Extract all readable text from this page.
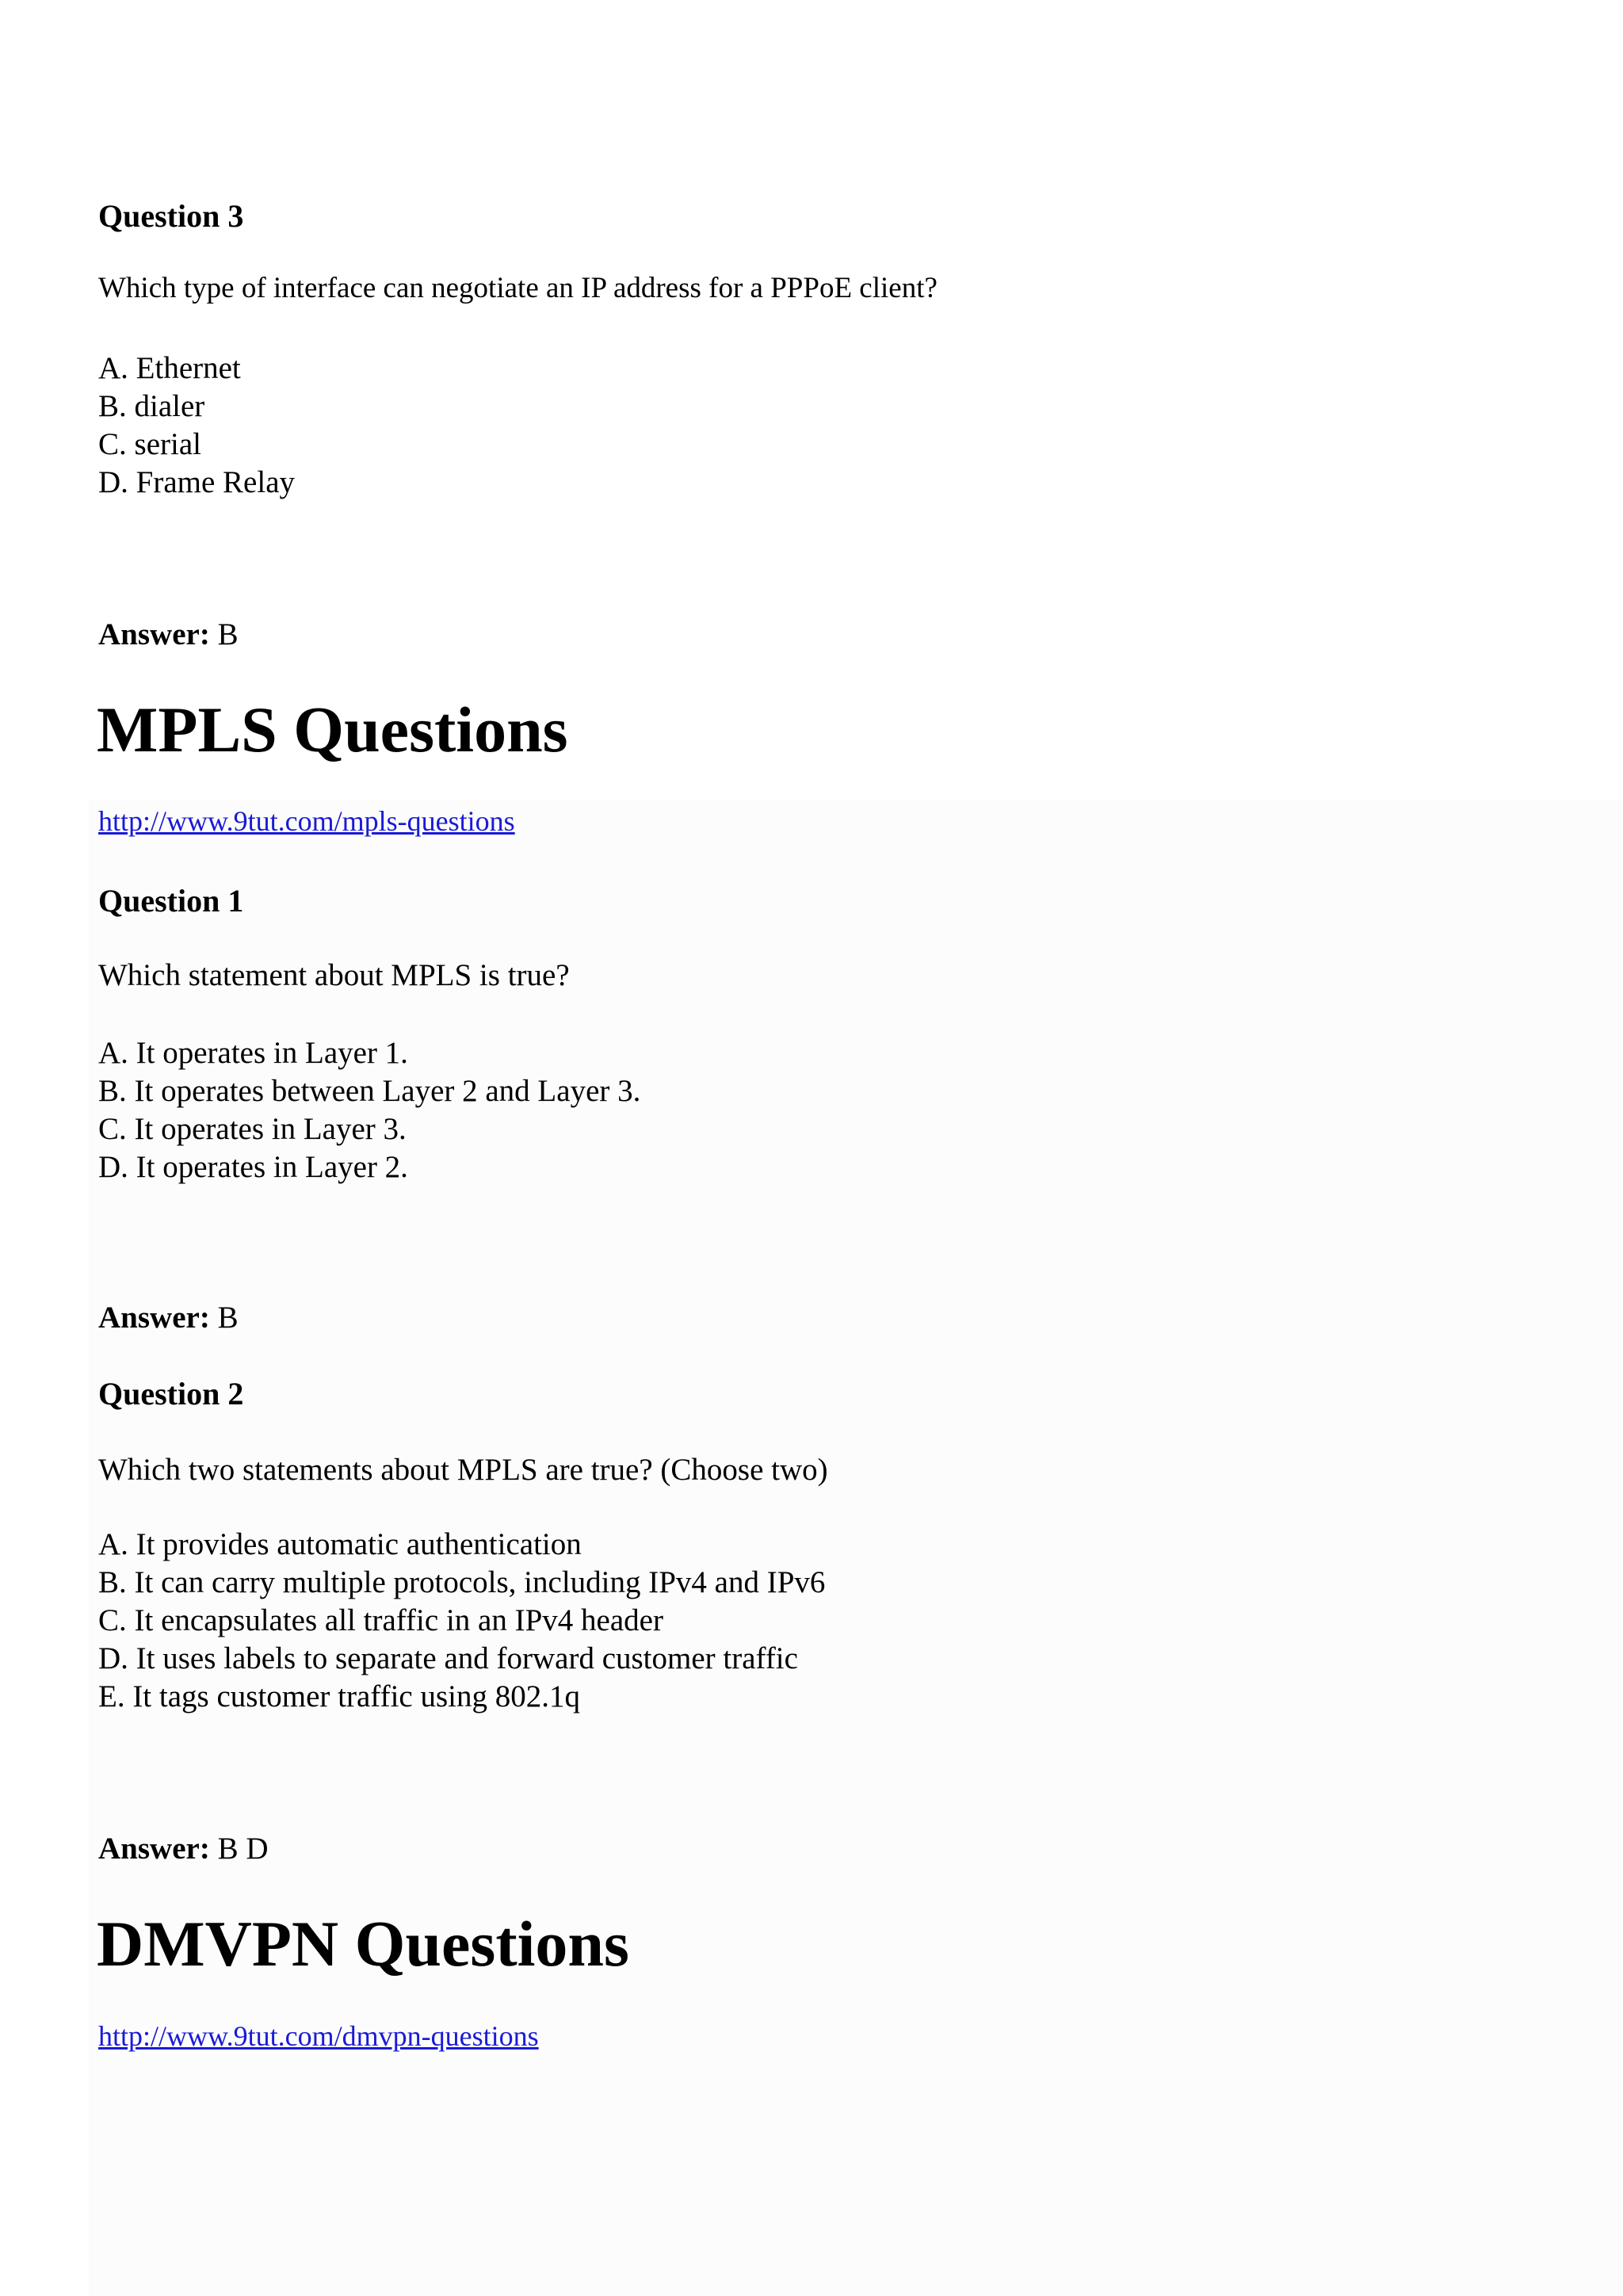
Question 3
Which type of interface can negotiate an IP address for a PPPoE client?
A. Ethernet
B. dialer
C. serial
D. Frame Relay
Answer: B
MPLS Questions
http://www.9tut.com/mpls-questions
Question 1
Which statement about MPLS is true?
A. It operates in Layer 1.
B. It operates between Layer 2 and Layer 3.
C. It operates in Layer 3.
D. It operates in Layer 2.
Answer: B
Question 2
Which two statements about MPLS are true? (Choose two)
A. It provides automatic authentication
B. It can carry multiple protocols, including IPv4 and IPv6
C. It encapsulates all traffic in an IPv4 header
D. It uses labels to separate and forward customer traffic
E. It tags customer traffic using 802.1q
Answer: B D
DMVPN Questions
http://www.9tut.com/dmvpn-questions
